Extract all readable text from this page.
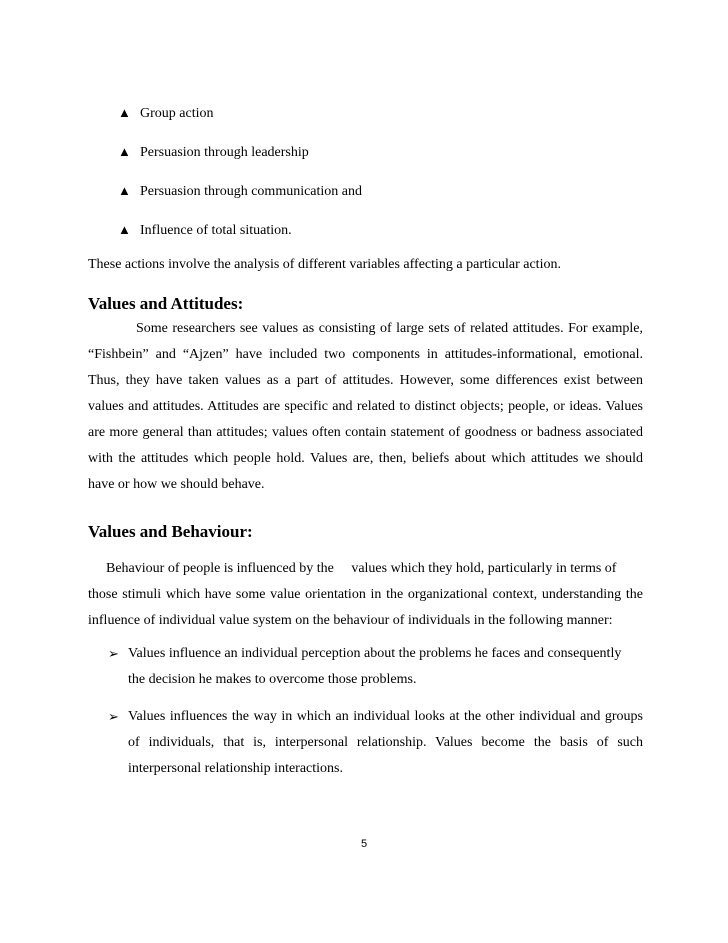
▲ Group action
▲ Persuasion through leadership
▲ Persuasion through communication and
▲ Influence of total situation.
These actions involve the analysis of different variables affecting a particular action.
Values and Attitudes:
Some researchers see values as consisting of large sets of related attitudes. For example,
“Fishbein” and “Ajzen” have included two components in attitudes-informational, emotional.
Thus, they have taken values as a part of attitudes. However, some differences exist between
values and attitudes. Attitudes are specific and related to distinct objects; people, or ideas. Values
are more general than attitudes; values often contain statement of goodness or badness associated
with the attitudes which people hold. Values are, then, beliefs about which attitudes we should
have or how we should behave.
Values and Behaviour:
Behaviour of people is influenced by the     values which they hold, particularly in terms of
those stimuli which have some value orientation in the organizational context, understanding the
influence of individual value system on the behaviour of individuals in the following manner:
➢ Values influence an individual perception about the problems he faces and consequently
the decision he makes to overcome those problems.
➢ Values influences the way in which an individual looks at the other individual and groups
of individuals, that is, interpersonal relationship. Values become the basis of such
interpersonal relationship interactions.
5
